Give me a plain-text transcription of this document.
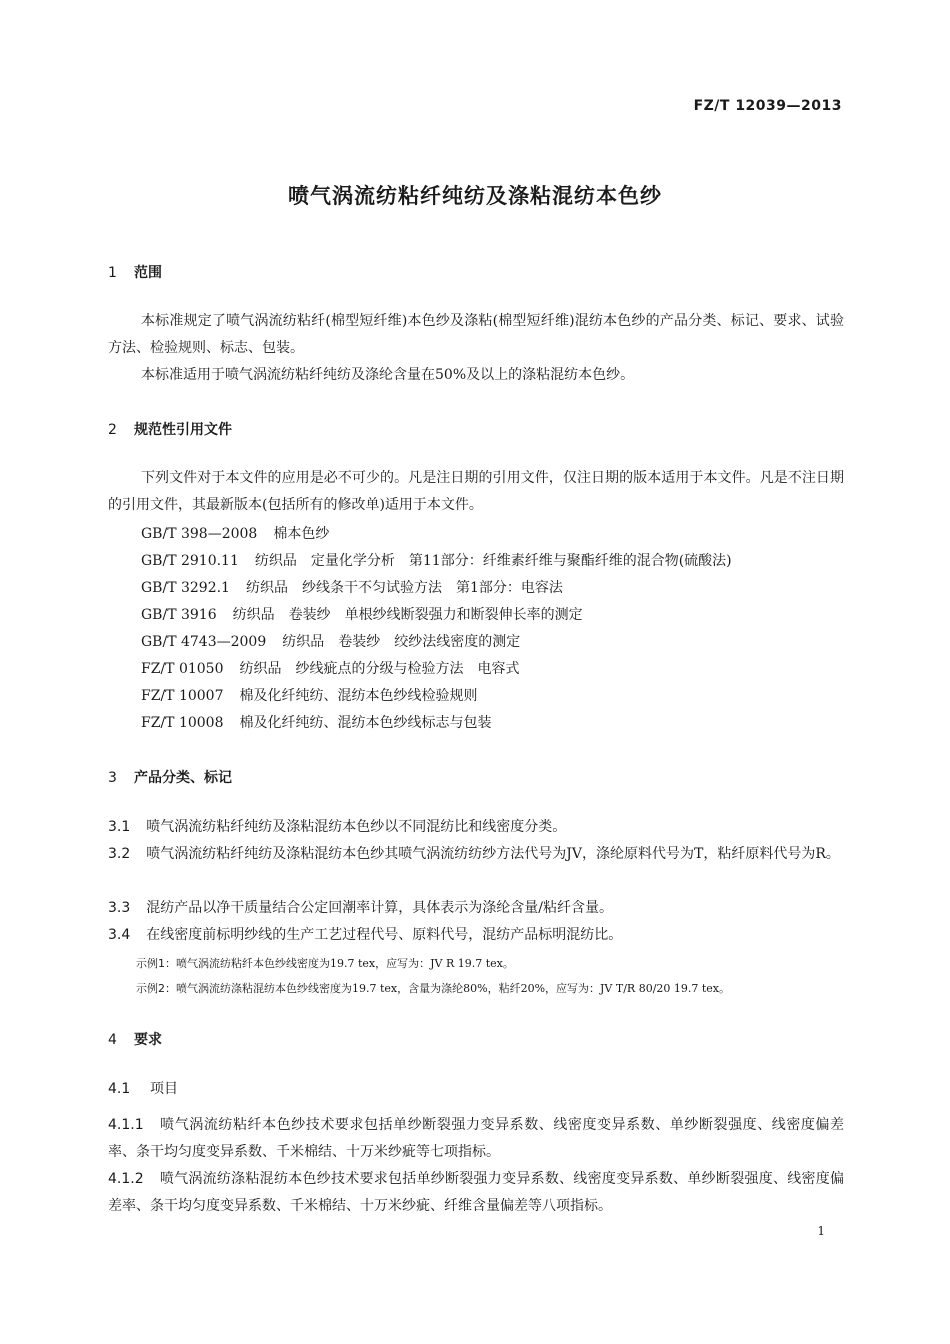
FZ/T 12039—2013
喷气涡流纺粘纤纯纺及涤粘混纺本色纱
1 范围
本标准规定了喷气涡流纺粘纤(棉型短纤维)本色纱及涤粘(棉型短纤维)混纺本色纱的产品分类、标记、要求、试验方法、检验规则、标志、包装。
本标准适用于喷气涡流纺粘纤纯纺及涤纶含量在50%及以上的涤粘混纺本色纱。
2 规范性引用文件
下列文件对于本文件的应用是必不可少的。凡是注日期的引用文件，仅注日期的版本适用于本文件。凡是不注日期的引用文件，其最新版本(包括所有的修改单)适用于本文件。
GB/T 398—2008 棉本色纱
GB/T 2910.11 纺织品　定量化学分析　第11部分：纤维素纤维与聚酯纤维的混合物(硫酸法)
GB/T 3292.1 纺织品　纱线条干不匀试验方法　第1部分：电容法
GB/T 3916 纺织品　卷装纱　单根纱线断裂强力和断裂伸长率的测定
GB/T 4743—2009 纺织品　卷装纱　绞纱法线密度的测定
FZ/T 01050 纺织品　纱线疵点的分级与检验方法　电容式
FZ/T 10007 棉及化纤纯纺、混纺本色纱线检验规则
FZ/T 10008 棉及化纤纯纺、混纺本色纱线标志与包装
3 产品分类、标记
3.1 喷气涡流纺粘纤纯纺及涤粘混纺本色纱以不同混纺比和线密度分类。
3.2 喷气涡流纺粘纤纯纺及涤粘混纺本色纱其喷气涡流纺纺纱方法代号为JV，涤纶原料代号为T，粘纤原料代号为R。
3.3 混纺产品以净干质量结合公定回潮率计算，具体表示为涤纶含量/粘纤含量。
3.4 在线密度前标明纱线的生产工艺过程代号、原料代号，混纺产品标明混纺比。
示例1：喷气涡流纺粘纤本色纱线密度为19.7 tex，应写为：JV R 19.7 tex。
示例2：喷气涡流纺涤粘混纺本色纱线密度为19.7 tex，含量为涤纶80%，粘纤20%，应写为：JV T/R 80/20 19.7 tex。
4 要求
4.1 项目
4.1.1 喷气涡流纺粘纤本色纱技术要求包括单纱断裂强力变异系数、线密度变异系数、单纱断裂强度、线密度偏差率、条干均匀度变异系数、千米棉结、十万米纱疵等七项指标。
4.1.2 喷气涡流纺涤粘混纺本色纱技术要求包括单纱断裂强力变异系数、线密度变异系数、单纱断裂强度、线密度偏差率、条干均匀度变异系数、千米棉结、十万米纱疵、纤维含量偏差等八项指标。
1
